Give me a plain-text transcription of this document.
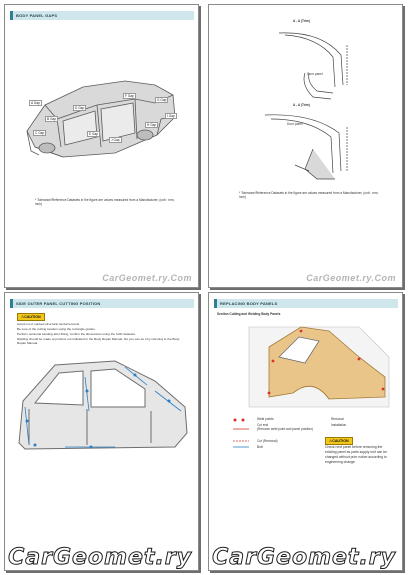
BODY PANEL GAPS
A Gap
B Gap
C Gap
D Gap
E Gap
F Gap
G Gap
H Gap
I Gap
J Gap
* Tolerance/Reference Datasets in the figure are values measured from a Manufacturer, (unit : mm, inch)
CarGeomet.ry.Com
A - A (Trim)
Door panel
A - A (Trim)
Door panel
* Tolerance/Reference Datasets in the figure are values measured from a Manufacturer, (unit : mm, inch)
CarGeomet.ry.Com
SIDE OUTER PANEL CUTTING POSITION
⚠ CAUTION
Avoid cut of marked structural reinforcements.
Be sure of the cutting location using the rectangle guides.
Perform sectional sanding after fitting, confirm the dimensions using the CAD datasets.
Welding should be made at portions not indicated in the Body Repair Manual, but you can do it by referring to the Body Repair Manual.
CarGeomet.ry
REPLACING BODY PANELS
Section Cutting and Welding Body Panels
Weld points
Cut end
(Remove weld point and panel position)
Removal
Installation
Cut (Removal)
Butt
⚠ CAUTION
Check next panel before removing the existing panel as parts supply unit can be changed without prior notice according to engineering change.
CarGeomet.ry
